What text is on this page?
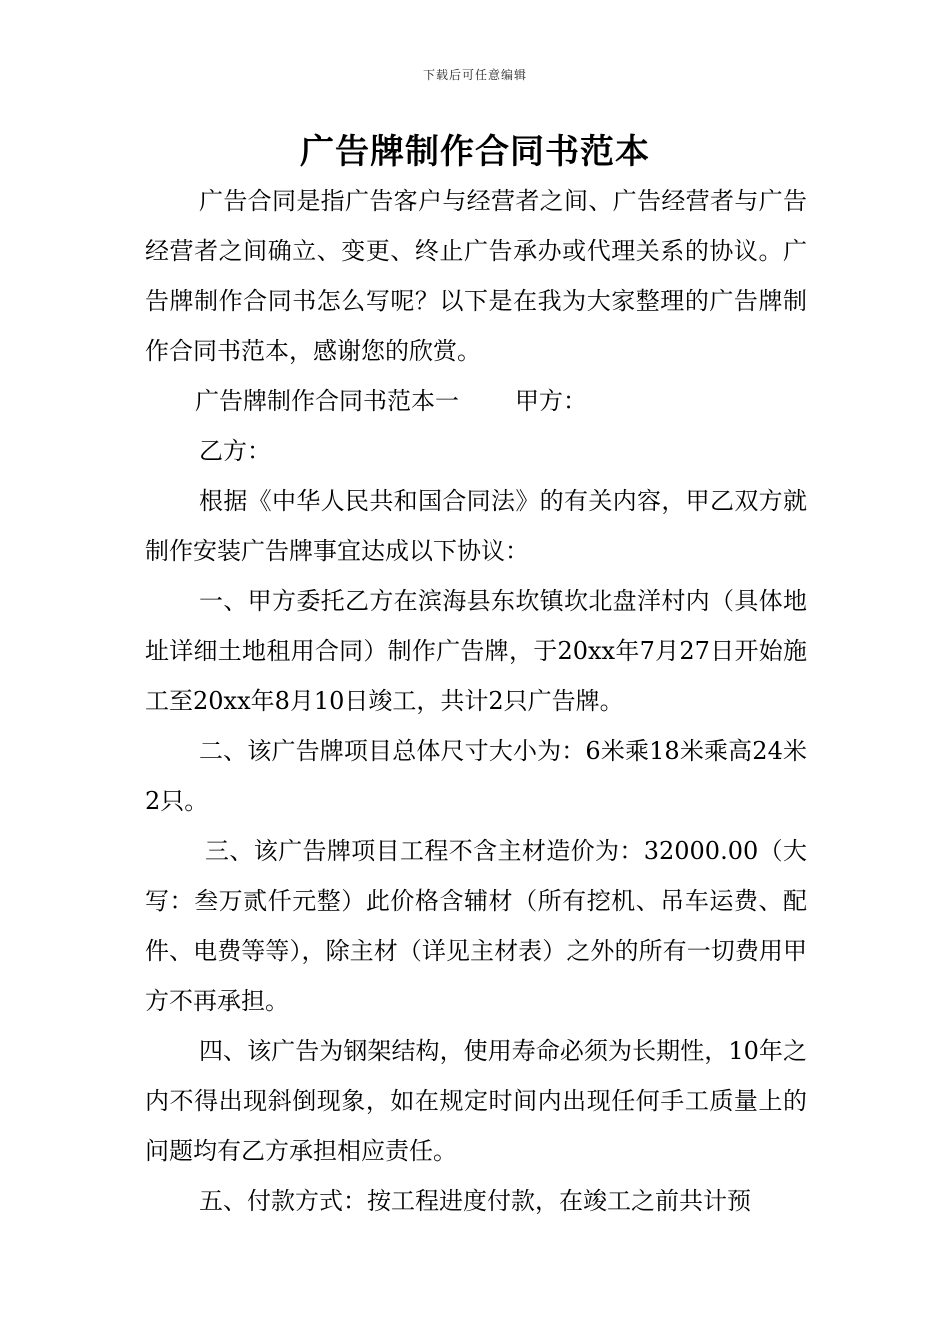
下载后可任意编辑
广告牌制作合同书范本

广告合同是指广告客户与经营者之间、广告经营者与广告经营者之间确立、变更、终止广告承办或代理关系的协议。广告牌制作合同书怎么写呢？以下是在我为大家整理的广告牌制作合同书范本，感谢您的欣赏。

广告牌制作合同书范本一 甲方：

乙方：

根据《中华人民共和国合同法》的有关内容，甲乙双方就制作安装广告牌事宜达成以下协议：

一、甲方委托乙方在滨海县东坎镇坎北盘洋村内（具体地址详细土地租用合同）制作广告牌，于20xx年7月27日开始施工至20xx年8月10日竣工，共计2只广告牌。

二、该广告牌项目总体尺寸大小为：6米乘18米乘高24米2只。

三、该广告牌项目工程不含主材造价为：32000.00（大写：叁万贰仟元整）此价格含辅材（所有挖机、吊车运费、配件、电费等等），除主材（详见主材表）之外的所有一切费用甲方不再承担。

四、该广告为钢架结构，使用寿命必须为长期性，10年之内不得出现斜倒现象，如在规定时间内出现任何手工质量上的问题均有乙方承担相应责任。

五、付款方式：按工程进度付款，在竣工之前共计预
